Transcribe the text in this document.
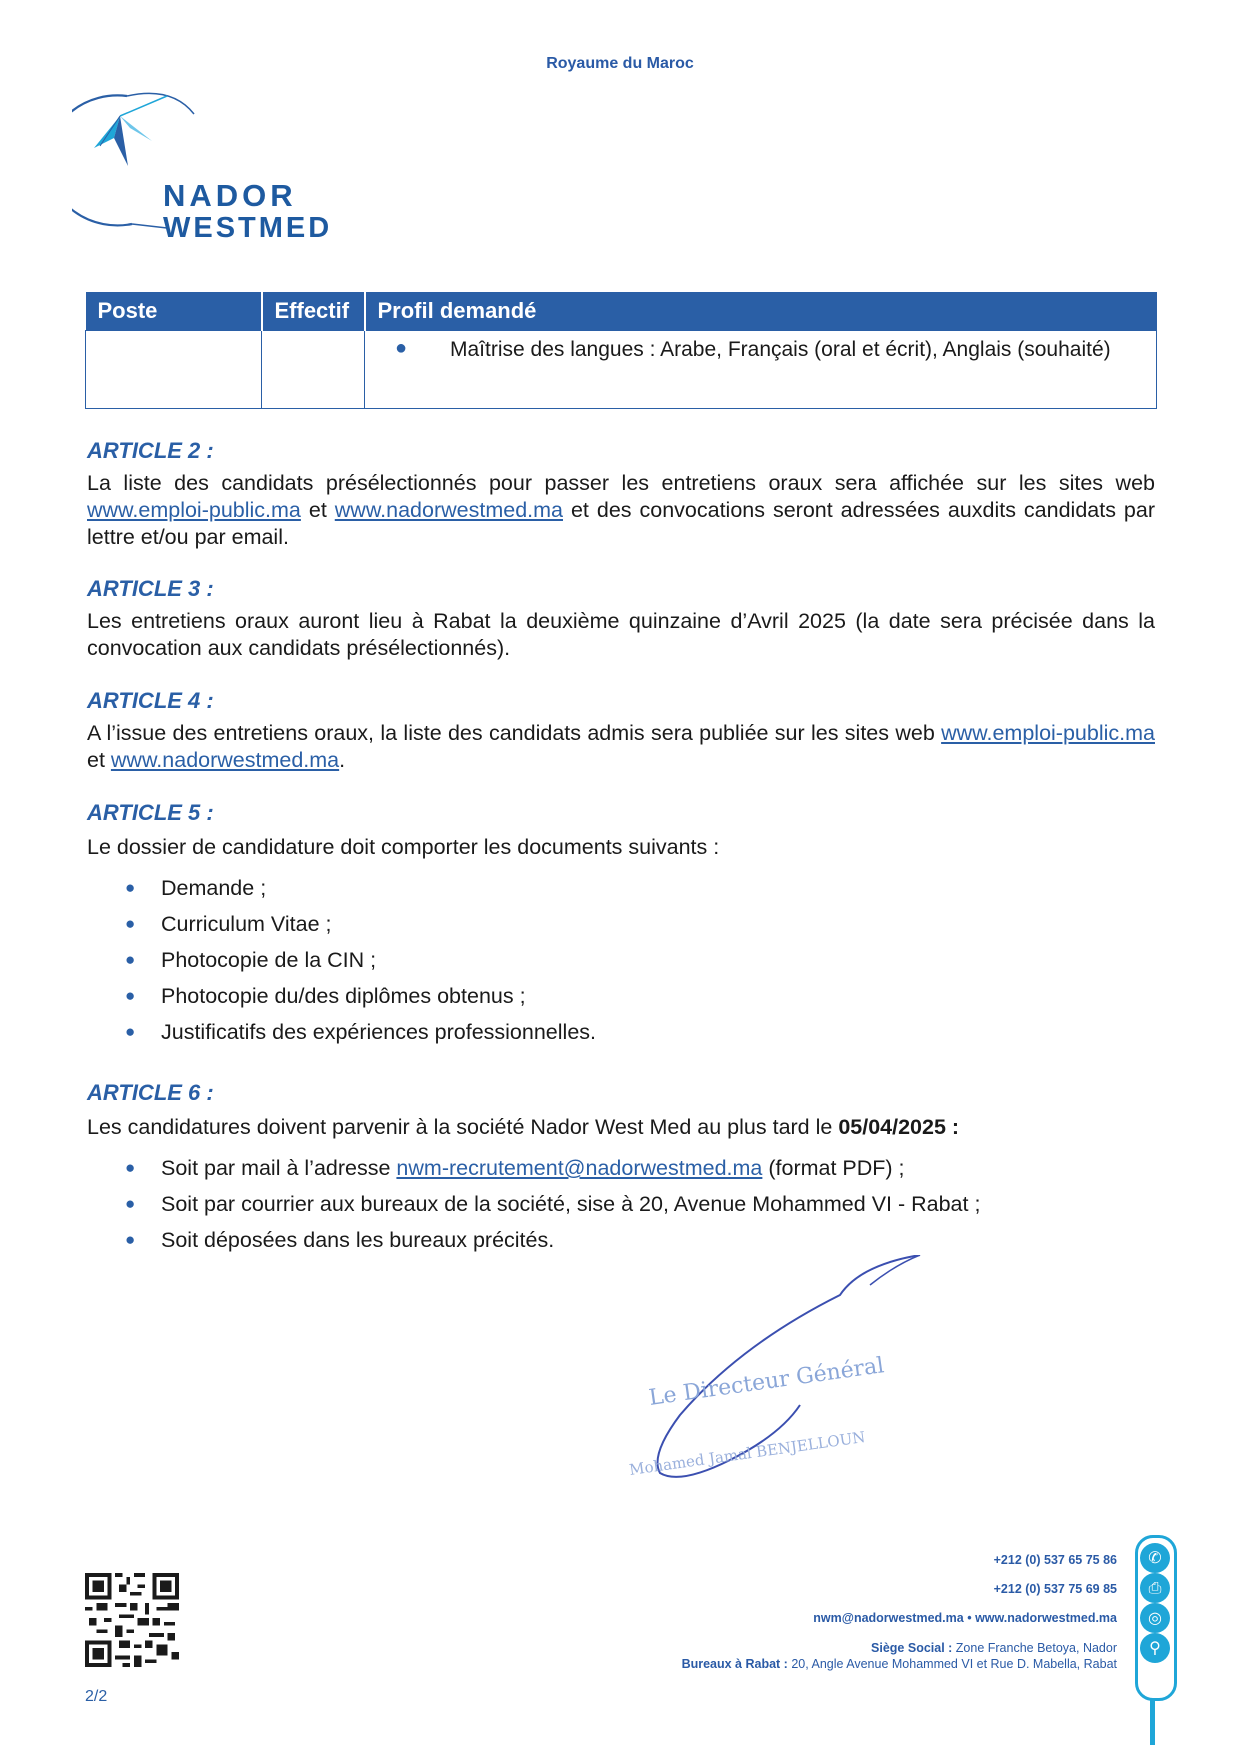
Royaume du Maroc
NADOR
WESTMED
Poste	Effectif	Profil demandé

		● Maîtrise des langues : Arabe, Français (oral et écrit), Anglais (souhaité)
ARTICLE 2 :
La liste des candidats présélectionnés pour passer les entretiens oraux sera affichée sur les sites web www.emploi-public.ma et www.nadorwestmed.ma et des convocations seront adressées auxdits candidats par lettre et/ou par email.
ARTICLE 3 :
Les entretiens oraux auront lieu à Rabat la deuxième quinzaine d’Avril 2025 (la date sera précisée dans la convocation aux candidats présélectionnés).
ARTICLE 4 :
A l’issue des entretiens oraux, la liste des candidats admis sera publiée sur les sites web www.emploi-public.ma et www.nadorwestmed.ma.
ARTICLE 5 :
Le dossier de candidature doit comporter les documents suivants :
● Demande ;
● Curriculum Vitae ;
● Photocopie de la CIN ;
● Photocopie du/des diplômes obtenus ;
● Justificatifs des expériences professionnelles.
ARTICLE 6 :
Les candidatures doivent parvenir à la société Nador West Med au plus tard le 05/04/2025 :
● Soit par mail à l’adresse nwm-recrutement@nadorwestmed.ma (format PDF) ;
● Soit par courrier aux bureaux de la société, sise à 20, Avenue Mohammed VI - Rabat ;
● Soit déposées dans les bureaux précités.
Le Directeur Général
Mohamed Jamal BENJELLOUN
2/2
+212 (0) 537 65 75 86
+212 (0) 537 75 69 85
nwm@nadorwestmed.ma • www.nadorwestmed.ma
Siège Social : Zone Franche Betoya, Nador
Bureaux à Rabat : 20, Angle Avenue Mohammed VI et Rue D. Mabella, Rabat
✆
⎙
◎
⚲
